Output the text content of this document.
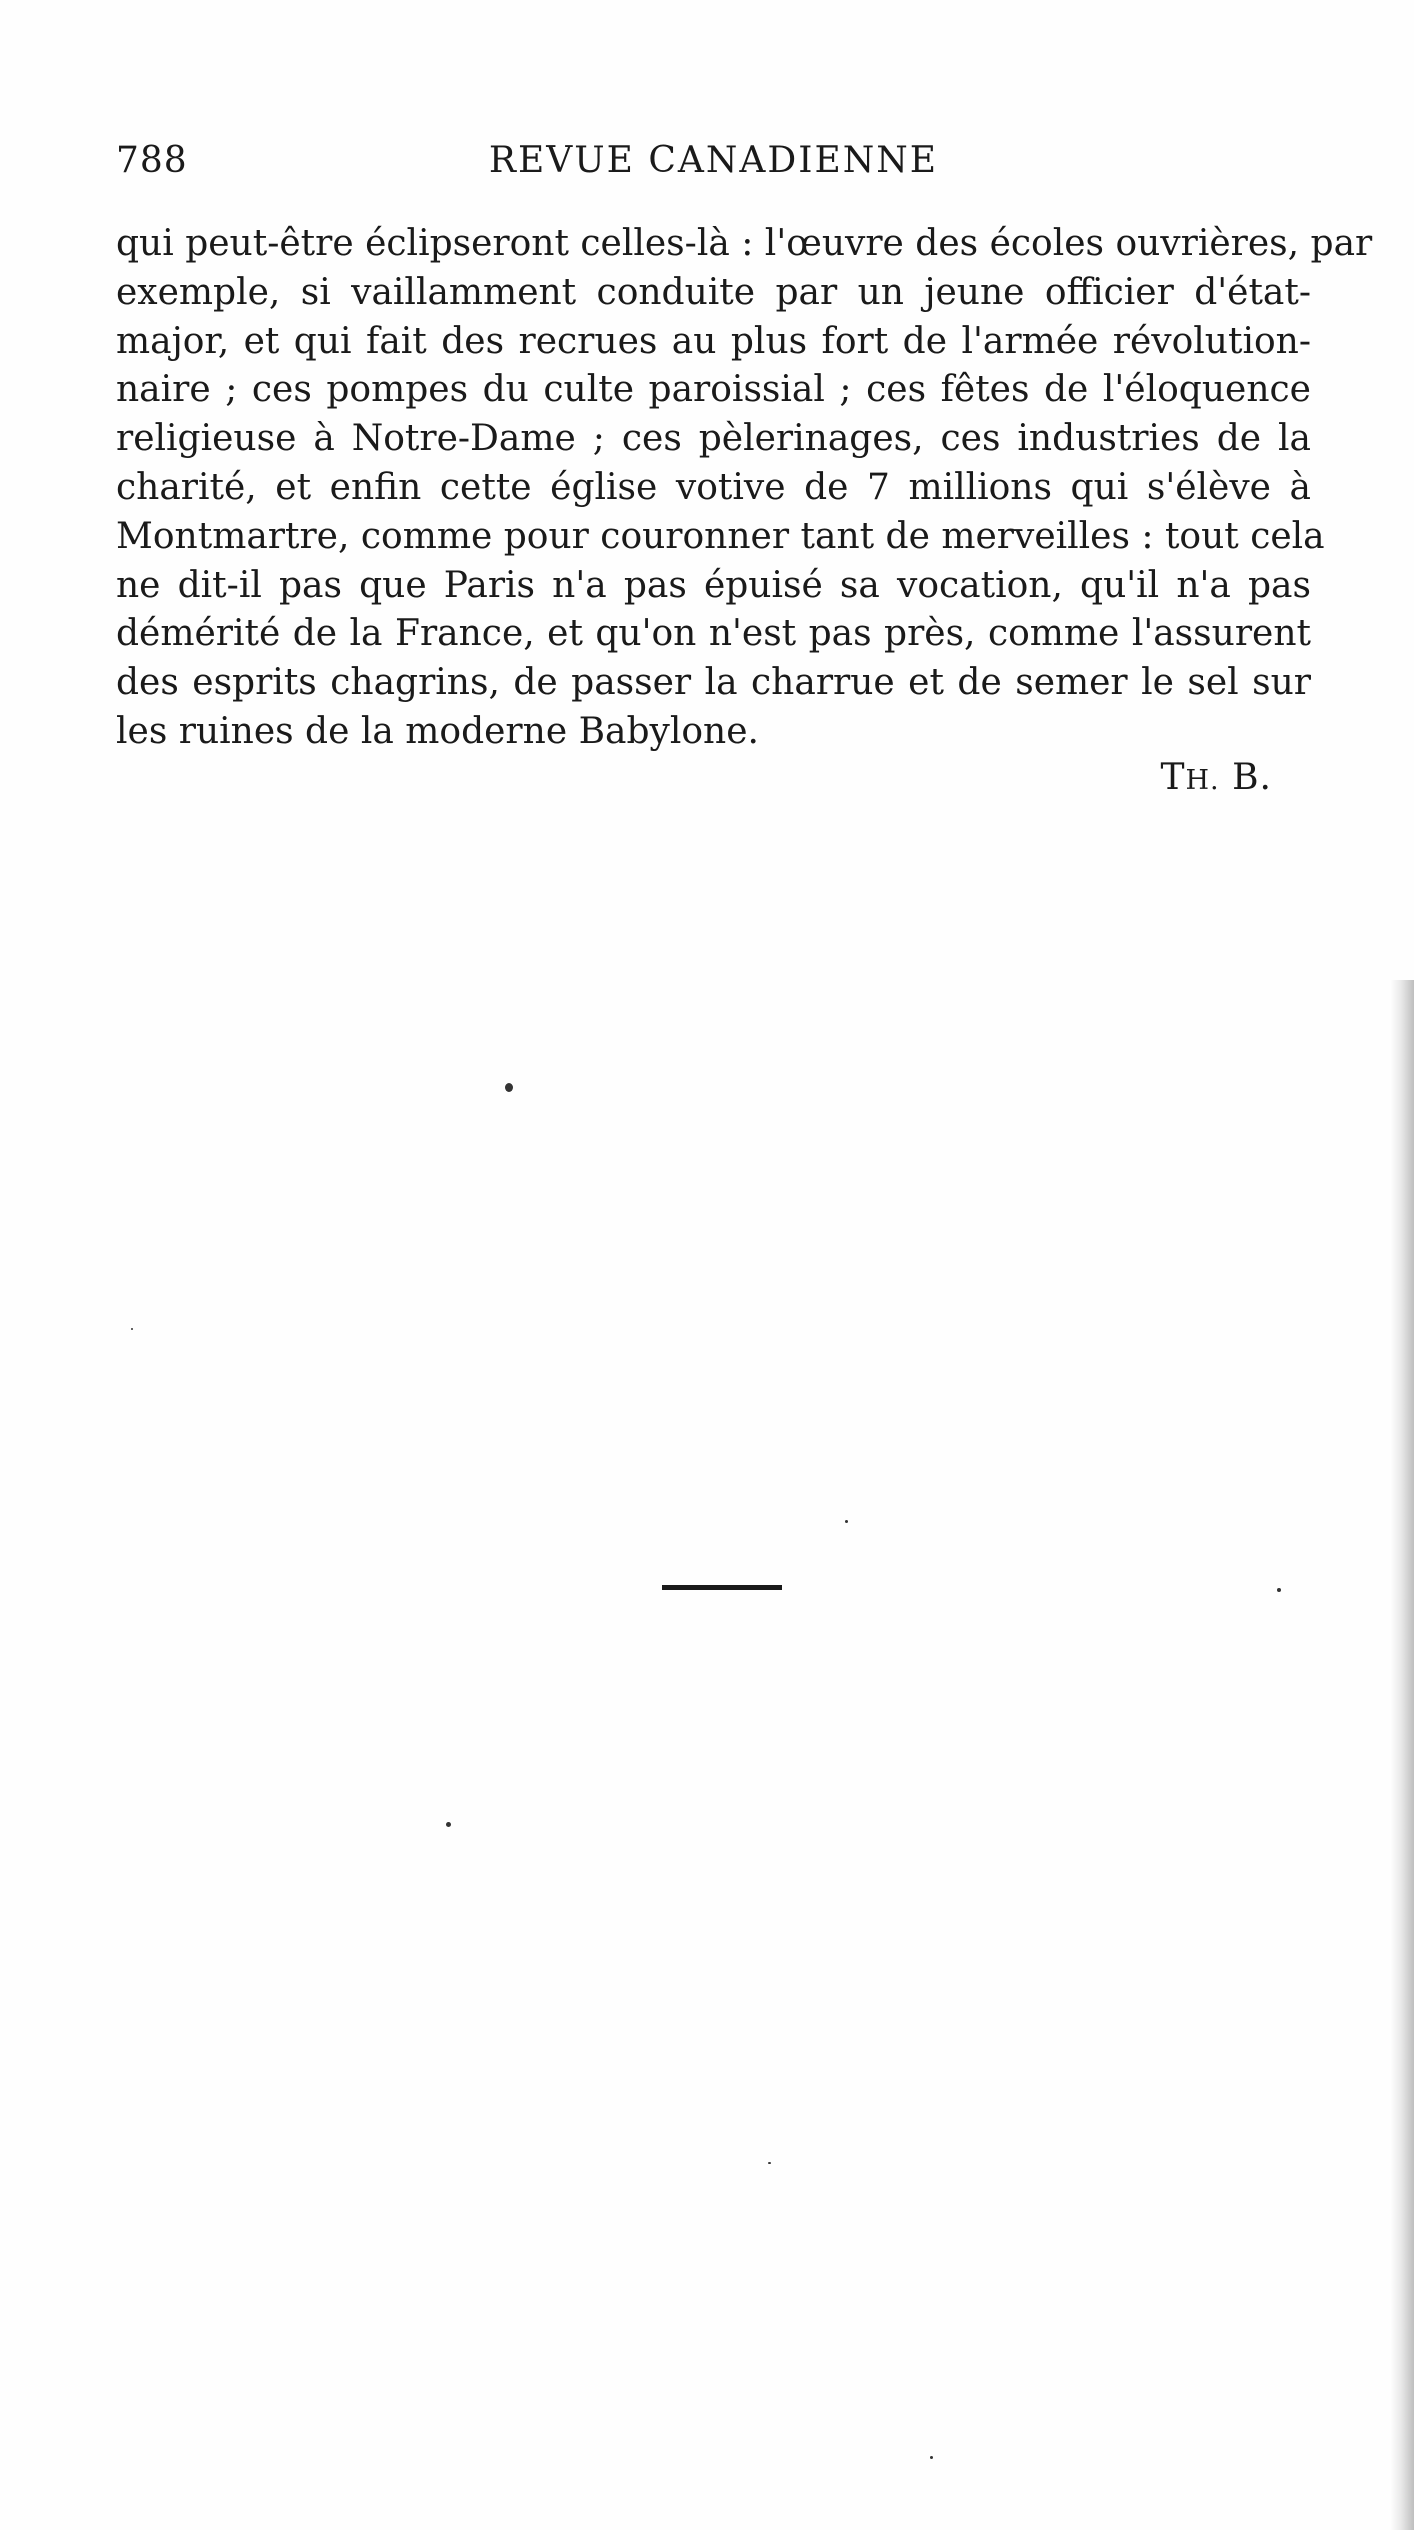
788	REVUE CANADIENNE
qui peut-être éclipseront celles-là : l'œuvre des écoles ouvrières, par
exemple, si vaillamment conduite par un jeune officier d'état-
major, et qui fait des recrues au plus fort de l'armée révolution-
naire ; ces pompes du culte paroissial ; ces fêtes de l'éloquence
religieuse à Notre-Dame ; ces pèlerinages, ces industries de la
charité, et enfin cette église votive de 7 millions qui s'élève à
Montmartre, comme pour couronner tant de merveilles : tout cela
ne dit-il pas que Paris n'a pas épuisé sa vocation, qu'il n'a pas
démérité de la France, et qu'on n'est pas près, comme l'assurent
des esprits chagrins, de passer la charrue et de semer le sel sur
les ruines de la moderne Babylone.
TH. B.
